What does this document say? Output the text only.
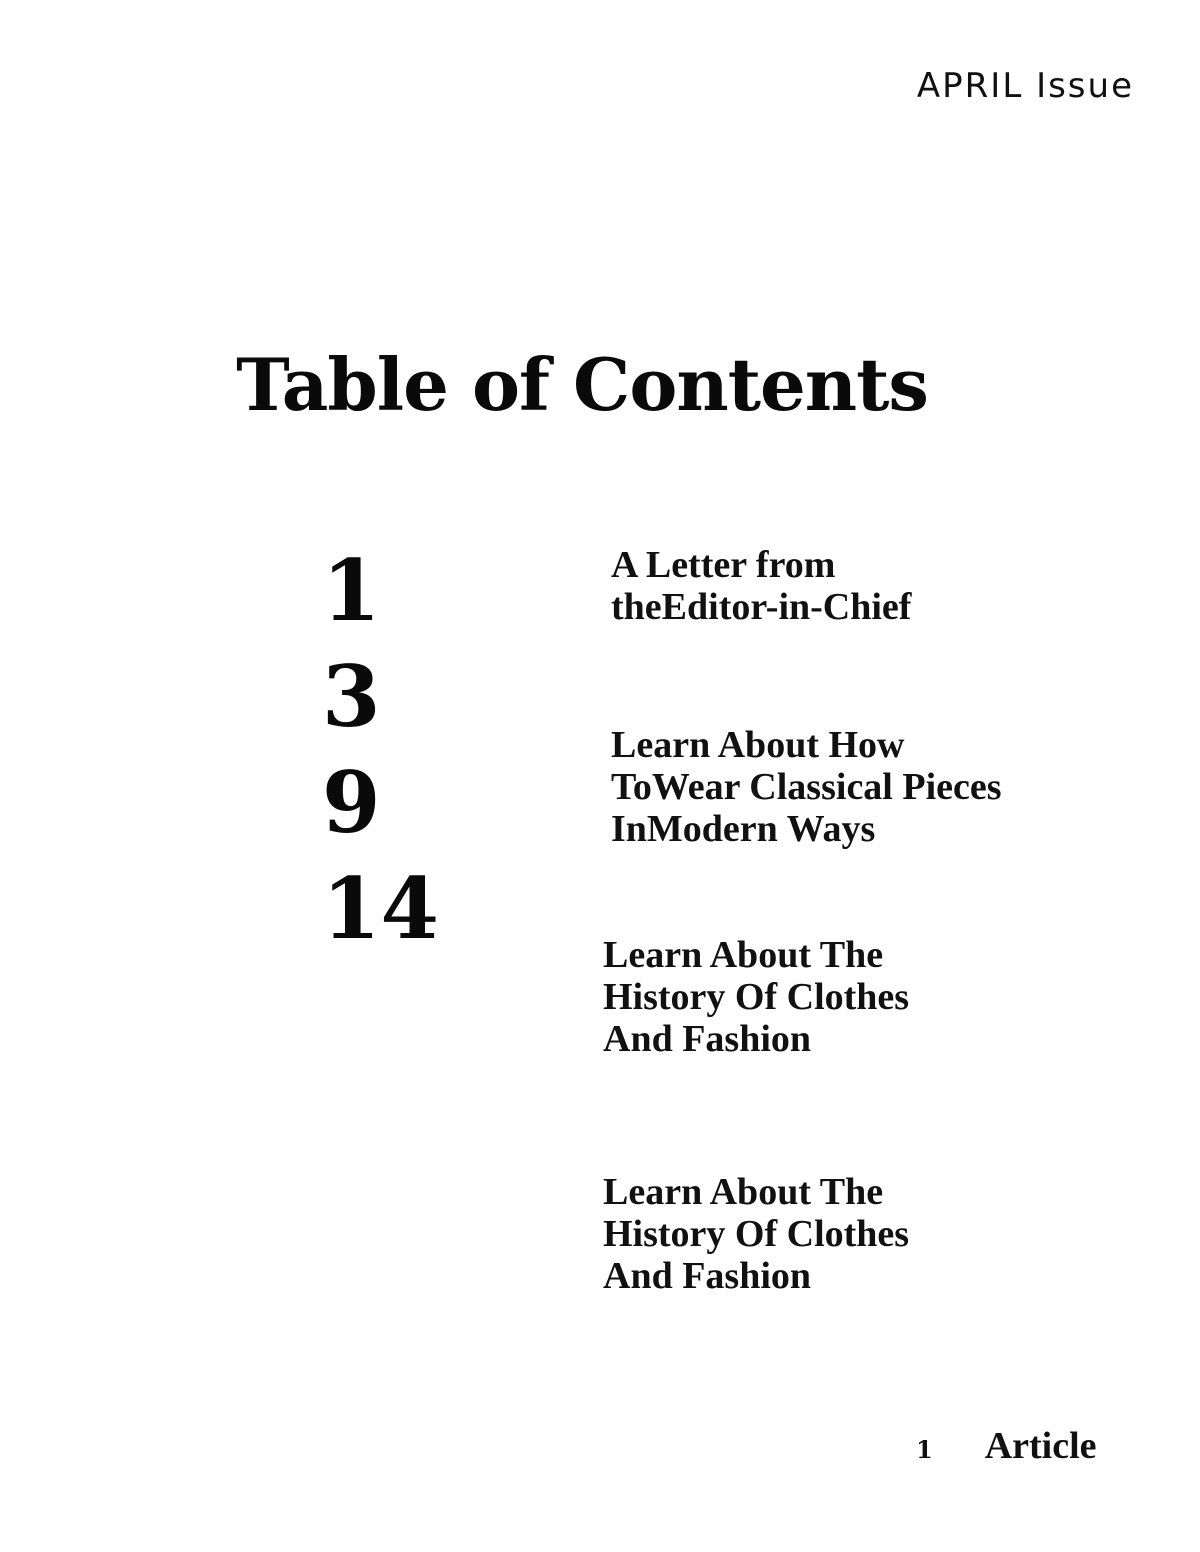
APRIL Issue
Table of Contents
1
3
9
14
A Letter from
theEditor-in-Chief
Learn About How
ToWear Classical Pieces
InModern Ways
Learn About The
History Of Clothes
And Fashion
Learn About The
History Of Clothes
And Fashion
1 Article
